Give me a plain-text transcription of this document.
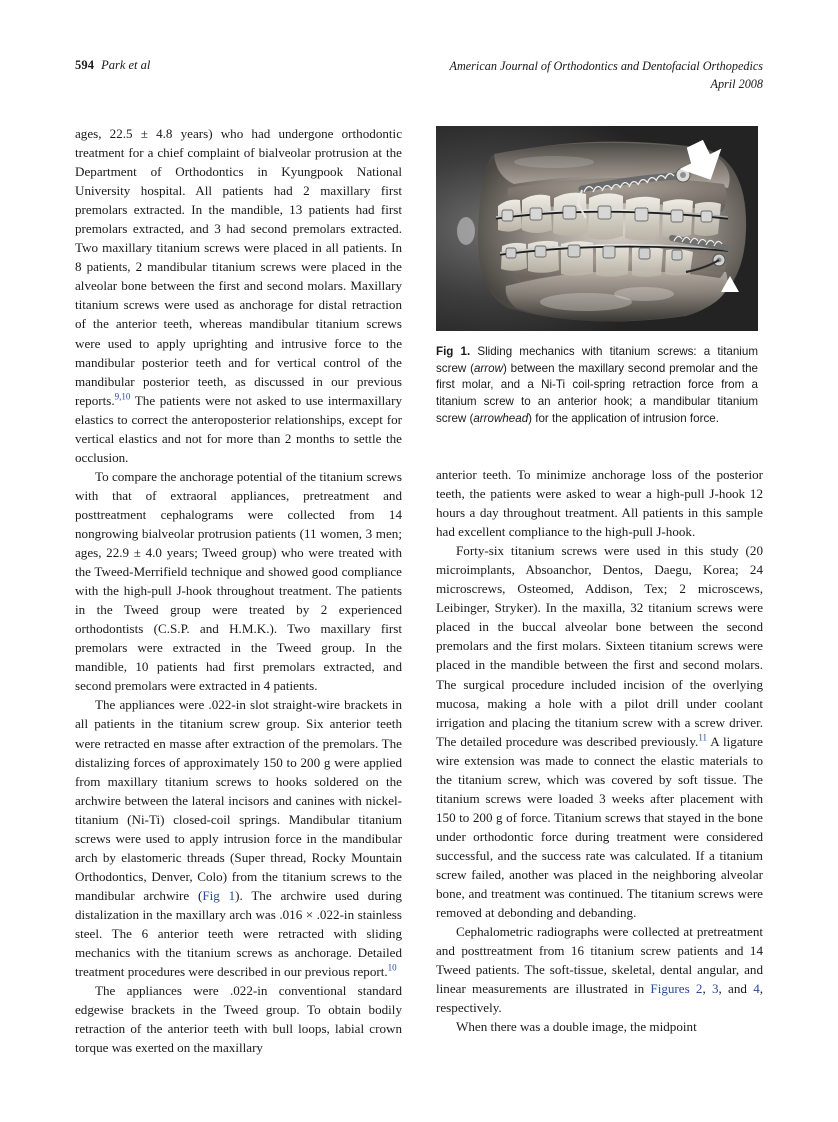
594 Park et al	American Journal of Orthodontics and Dentofacial Orthopedics
April 2008
Fig 1. Sliding mechanics with titanium screws: a titanium screw (arrow) between the maxillary second premolar and the first molar, and a Ni-Ti coil-spring retraction force from a titanium screw to an anterior hook; a mandibular titanium screw (arrowhead) for the application of intrusion force.

ages, 22.5 ± 4.8 years) who had undergone orthodontic treatment for a chief complaint of bialveolar protrusion at the Department of Orthodontics in Kyungpook National University hospital. All patients had 2 maxillary first premolars extracted. In the mandible, 13 patients had first premolars extracted, and 3 had second premolars extracted. Two maxillary titanium screws were placed in all patients. In 8 patients, 2 mandibular titanium screws were placed in the alveolar bone between the first and second molars. Maxillary titanium screws were used as anchorage for distal retraction of the anterior teeth, whereas mandibular titanium screws were used to apply uprighting and intrusive force to the mandibular posterior teeth and for vertical control of the mandibular posterior teeth, as discussed in our previous reports.$^{9,10}$ The patients were not asked to use intermaxillary elastics to correct the anteroposterior relationships, except for vertical elastics and not for more than 2 months to settle the occlusion.

To compare the anchorage potential of the titanium screws with that of extraoral appliances, pretreatment and posttreatment cephalograms were collected from 14 nongrowing bialveolar protrusion patients (11 women, 3 men; ages, 22.9 ± 4.0 years; Tweed group) who were treated with the Tweed-Merrifield technique and showed good compliance with the high-pull J-hook throughout treatment. The patients in the Tweed group were treated by 2 experienced orthodontists (C.S.P. and H.M.K.). Two maxillary first premolars were extracted in the Tweed group. In the mandible, 10 patients had first premolars extracted, and second premolars were extracted in 4 patients.

The appliances were .022-in slot straight-wire brackets in all patients in the titanium screw group. Six anterior teeth were retracted en masse after extraction of the premolars. The distalizing forces of approximately 150 to 200 g were applied from maxillary titanium screws to hooks soldered on the archwire between the lateral incisors and canines with nickel-titanium (Ni-Ti) closed-coil springs. Mandibular titanium screws were used to apply intrusion force in the mandibular arch by elastomeric threads (Super thread, Rocky Mountain Orthodontics, Denver, Colo) from the titanium screws to the mandibular archwire (Fig 1). The archwire used during distalization in the maxillary arch was .016 × .022-in stainless steel. The 6 anterior teeth were retracted with sliding mechanics with the titanium screws as anchorage. Detailed treatment procedures were described in our previous report.$^{10}$

The appliances were .022-in conventional standard edgewise brackets in the Tweed group. To obtain bodily retraction of the anterior teeth with bull loops, labial crown torque was exerted on the maxillary

anterior teeth. To minimize anchorage loss of the posterior teeth, the patients were asked to wear a high-pull J-hook 12 hours a day throughout treatment. All patients in this sample had excellent compliance to the high-pull J-hook.

Forty-six titanium screws were used in this study (20 microimplants, Absoanchor, Dentos, Daegu, Korea; 24 microscrews, Osteomed, Addison, Tex; 2 microscews, Leibinger, Stryker). In the maxilla, 32 titanium screws were placed in the buccal alveolar bone between the second premolars and the first molars. Sixteen titanium screws were placed in the mandible between the first and second molars. The surgical procedure included incision of the overlying mucosa, making a hole with a pilot drill under coolant irrigation and placing the titanium screw with a screw driver. The detailed procedure was described previously.$^{11}$ A ligature wire extension was made to connect the elastic materials to the titanium screw, which was covered by soft tissue. The titanium screws were loaded 3 weeks after placement with 150 to 200 g of force. Titanium screws that stayed in the bone under orthodontic force during treatment were considered successful, and the success rate was calculated. If a titanium screw failed, another was placed in the neighboring alveolar bone, and treatment was continued. The titanium screws were removed at debonding and debanding.

Cephalometric radiographs were collected at pretreatment and posttreatment from 16 titanium screw patients and 14 Tweed patients. The soft-tissue, skeletal, dental angular, and linear measurements are illustrated in Figures 2, 3, and 4, respectively.

When there was a double image, the midpoint
